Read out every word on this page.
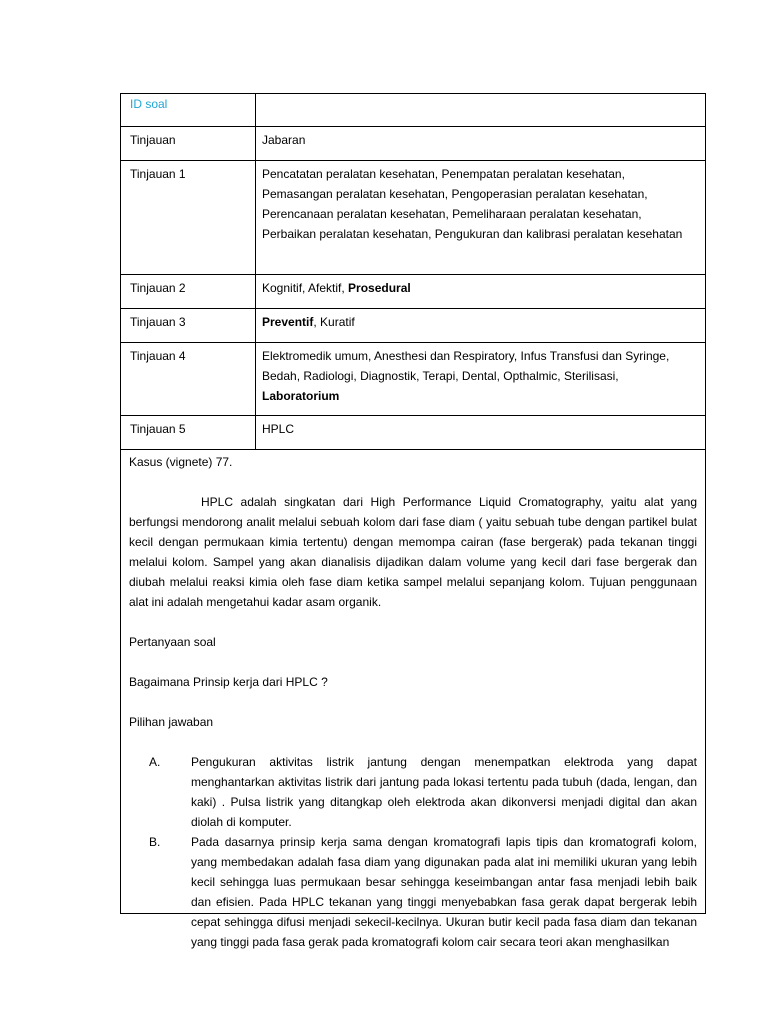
ID soal
Tinjauan	Jabaran
Tinjauan 1	Pencatatan peralatan kesehatan, Penempatan peralatan kesehatan, Pemasangan peralatan kesehatan, Pengoperasian peralatan kesehatan, Perencanaan peralatan kesehatan, Pemeliharaan peralatan kesehatan, Perbaikan peralatan kesehatan, Pengukuran dan kalibrasi peralatan kesehatan
Tinjauan 2	Kognitif, Afektif, Prosedural
Tinjauan 3	Preventif, Kuratif
Tinjauan 4	Elektromedik umum, Anesthesi dan Respiratory, Infus Transfusi dan Syringe, Bedah, Radiologi, Diagnostik, Terapi, Dental, Opthalmic, Sterilisasi, Laboratorium
Tinjauan 5	HPLC

Kasus (vignete) 77.

HPLC adalah singkatan dari High Performance Liquid Cromatography, yaitu alat yang berfungsi mendorong analit melalui sebuah kolom dari fase diam ( yaitu sebuah tube dengan partikel bulat kecil dengan permukaan kimia tertentu) dengan memompa cairan (fase bergerak) pada tekanan tinggi melalui kolom. Sampel yang akan dianalisis dijadikan dalam volume yang kecil dari fase bergerak dan diubah melalui reaksi kimia oleh fase diam ketika sampel melalui sepanjang kolom. Tujuan penggunaan alat ini adalah mengetahui kadar asam organik.

Pertanyaan soal

Bagaimana Prinsip kerja dari HPLC ?

Pilihan jawaban

A.	Pengukuran aktivitas listrik jantung dengan menempatkan elektroda yang dapat menghantarkan aktivitas listrik dari jantung pada lokasi tertentu pada tubuh (dada, lengan, dan kaki) . Pulsa listrik yang ditangkap oleh elektroda akan dikonversi menjadi digital dan akan diolah di komputer.
B.	Pada dasarnya prinsip kerja sama dengan kromatografi lapis tipis dan kromatografi kolom, yang membedakan adalah fasa diam yang digunakan pada alat ini memiliki ukuran yang lebih kecil sehingga luas permukaan besar sehingga keseimbangan antar fasa menjadi lebih baik dan efisien. Pada HPLC tekanan yang tinggi menyebabkan fasa gerak dapat bergerak lebih cepat sehingga difusi menjadi sekecil-kecilnya. Ukuran butir kecil pada fasa diam dan tekanan yang tinggi pada fasa gerak pada kromatografi kolom cair secara teori akan menghasilkan
